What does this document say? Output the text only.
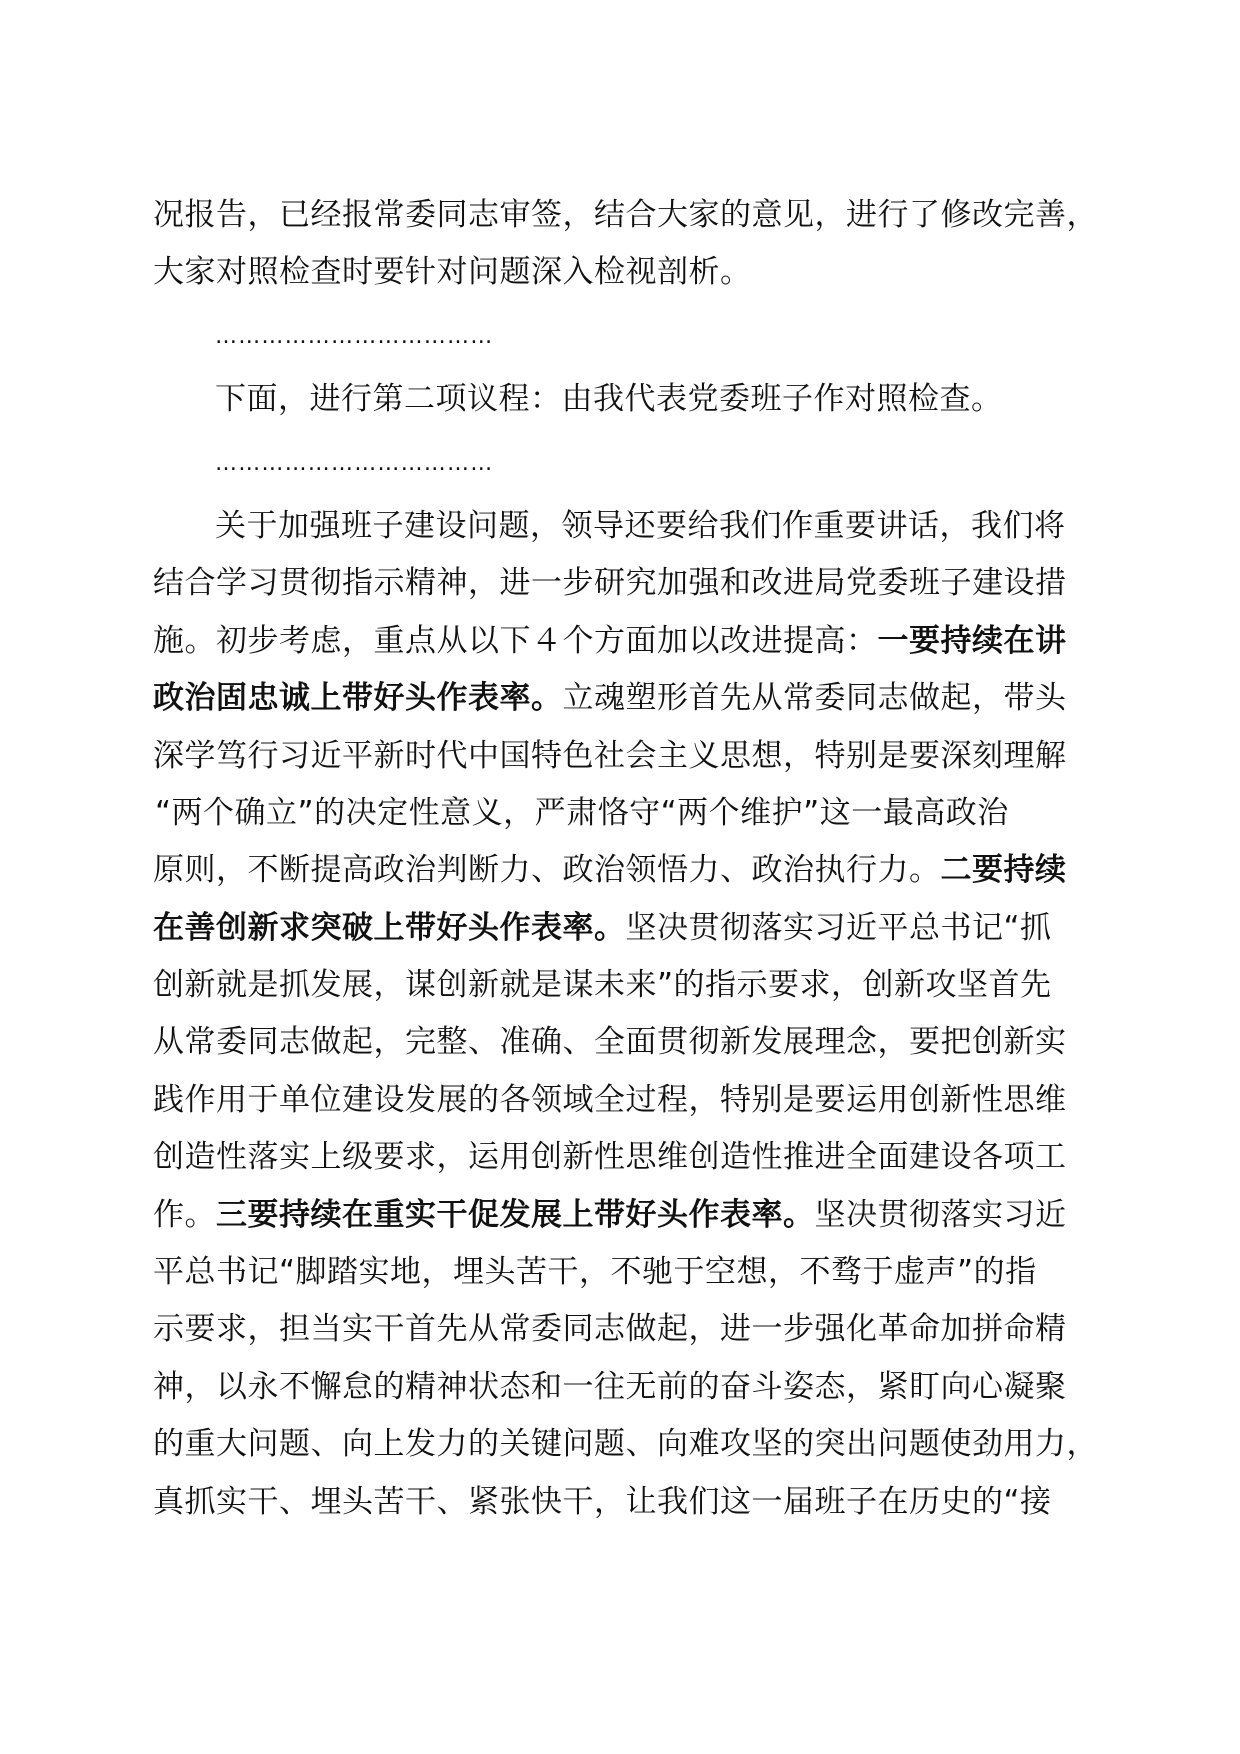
况报告，已经报常委同志审签，结合大家的意见，进行了修改完善，
大家对照检查时要针对问题深入检视剖析。
………………………………
下面，进行第二项议程：由我代表党委班子作对照检查。
………………………………
关于加强班子建设问题，领导还要给我们作重要讲话，我们将
结合学习贯彻指示精神，进一步研究加强和改进局党委班子建设措
施。初步考虑，重点从以下４个方面加以改进提高：一要持续在讲
政治固忠诚上带好头作表率。立魂塑形首先从常委同志做起，带头
深学笃行习近平新时代中国特色社会主义思想，特别是要深刻理解
“两个确立”的决定性意义，严肃恪守“两个维护”这一最高政治
原则，不断提高政治判断力、政治领悟力、政治执行力。二要持续
在善创新求突破上带好头作表率。坚决贯彻落实习近平总书记“抓
创新就是抓发展，谋创新就是谋未来”的指示要求，创新攻坚首先
从常委同志做起，完整、准确、全面贯彻新发展理念，要把创新实
践作用于单位建设发展的各领域全过程，特别是要运用创新性思维
创造性落实上级要求，运用创新性思维创造性推进全面建设各项工
作。三要持续在重实干促发展上带好头作表率。坚决贯彻落实习近
平总书记“脚踏实地，埋头苦干，不驰于空想，不骛于虚声”的指
示要求，担当实干首先从常委同志做起，进一步强化革命加拼命精
神，以永不懈怠的精神状态和一往无前的奋斗姿态，紧盯向心凝聚
的重大问题、向上发力的关键问题、向难攻坚的突出问题使劲用力，
真抓实干、埋头苦干、紧张快干，让我们这一届班子在历史的“接
